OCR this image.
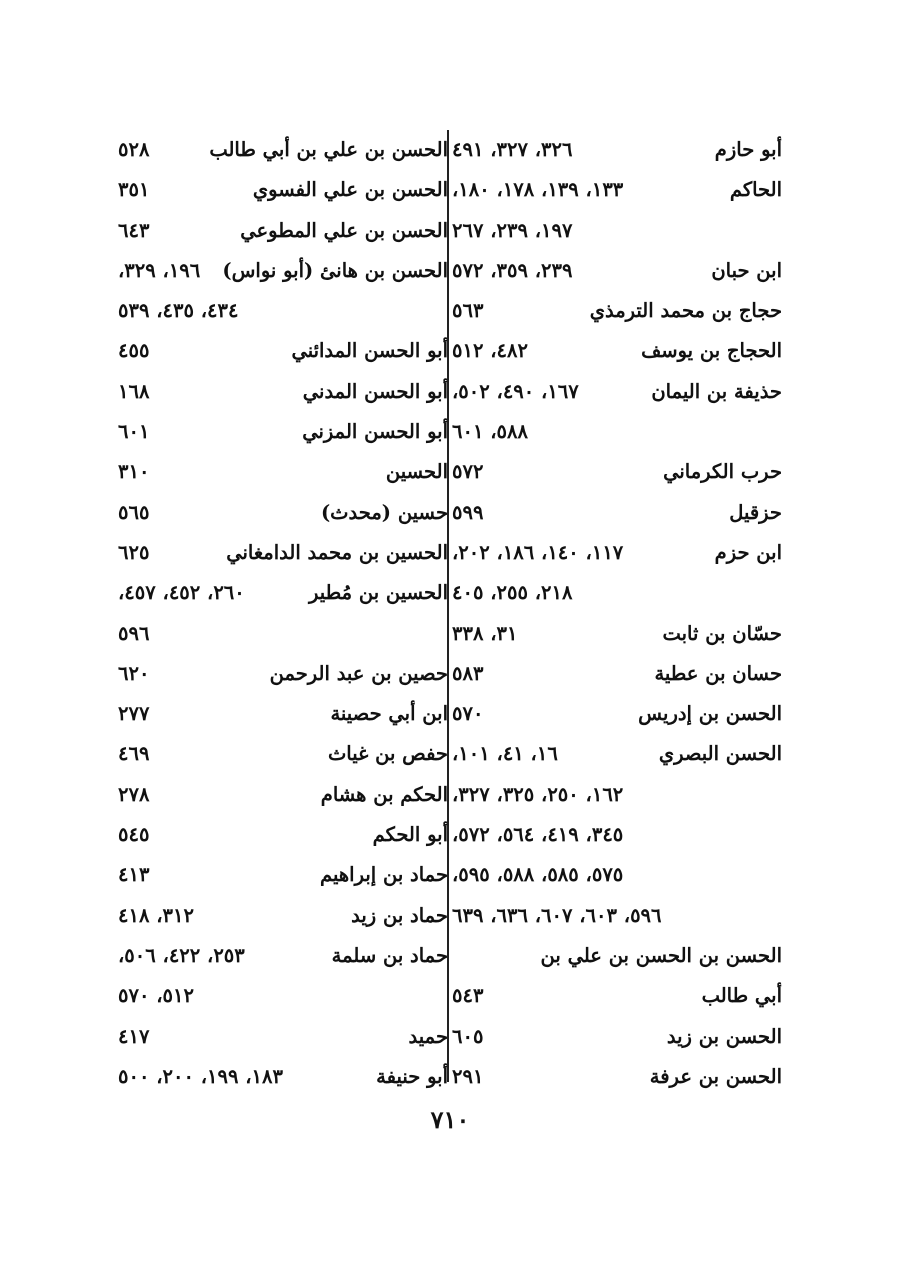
أبو حازم
٣٢٦، ٣٢٧، ٤٩١
الحاكم
١٣٣، ١٣٩، ١٧٨، ١٨٠،
١٩٧، ٢٣٩، ٢٦٧
ابن حبان
٢٣٩، ٣٥٩، ٥٧٢
حجاج بن محمد الترمذي
٥٦٣
الحجاج بن يوسف
٤٨٢، ٥١٢
حذيفة بن اليمان
١٦٧، ٤٩٠، ٥٠٢،
٥٨٨، ٦٠١
حرب الكرماني
٥٧٢
حزقيل
٥٩٩
ابن حزم
١١٧، ١٤٠، ١٨٦، ٢٠٢،
٢١٨، ٢٥٥، ٤٠٥
حسّان بن ثابت
٣١، ٣٣٨
حسان بن عطية
٥٨٣
الحسن بن إدريس
٥٧٠
الحسن البصري
١٦، ٤١، ١٠١،
١٦٢، ٢٥٠، ٣٢٥، ٣٢٧،
٣٤٥، ٤١٩، ٥٦٤، ٥٧٢،
٥٧٥، ٥٨٥، ٥٨٨، ٥٩٥،
٥٩٦، ٦٠٣، ٦٠٧، ٦٣٦، ٦٣٩
الحسن بن الحسن بن علي بن
أبي طالب
٥٤٣
الحسن بن زيد
٦٠٥
الحسن بن عرفة
٢٩١
الحسن بن علي بن أبي طالب
٥٢٨
الحسن بن علي الفسوي
٣٥١
الحسن بن علي المطوعي
٦٤٣
الحسن بن هانئ (أبو نواس)
١٩٦، ٣٢٩،
٤٣٤، ٤٣٥، ٥٣٩
أبو الحسن المدائني
٤٥٥
أبو الحسن المدني
١٦٨
أبو الحسن المزني
٦٠١
الحسين
٣١٠
حسين (محدث)
٥٦٥
الحسين بن محمد الدامغاني
٦٢٥
الحسين بن مُطير
٢٦٠، ٤٥٢، ٤٥٧،
٥٩٦
حصين بن عبد الرحمن
٦٢٠
ابن أبي حصينة
٢٧٧
حفص بن غياث
٤٦٩
الحكم بن هشام
٢٧٨
أبو الحكم
٥٤٥
حماد بن إبراهيم
٤١٣
حماد بن زيد
٣١٢، ٤١٨
حماد بن سلمة
٢٥٣، ٤٢٢، ٥٠٦،
٥١٢، ٥٧٠
حميد
٤١٧
أبو حنيفة
١٨٣، ١٩٩، ٢٠٠، ٥٠٠
٧١٠
